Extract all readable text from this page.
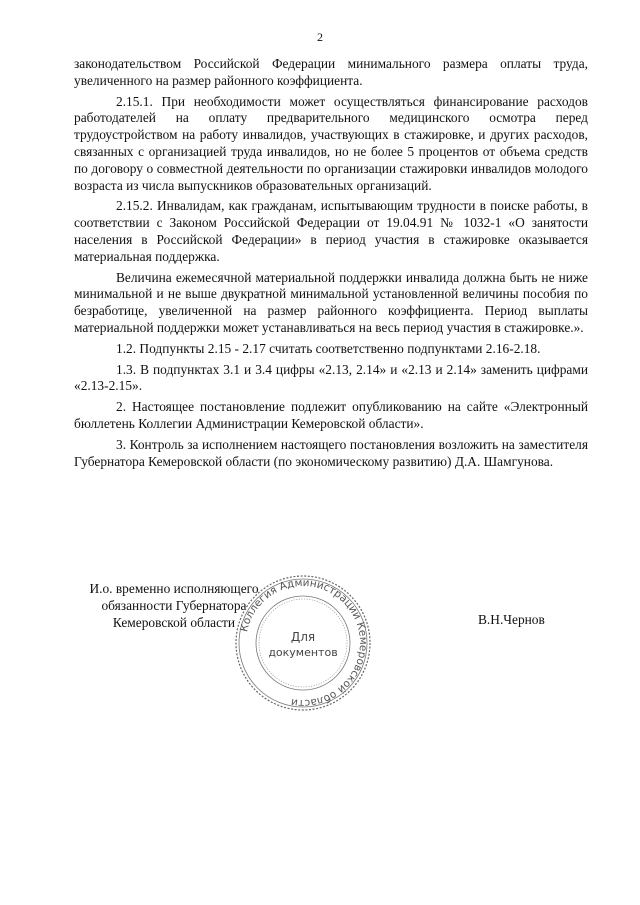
2

законодательством Российской Федерации минимального размера оплаты труда, увеличенного на размер районного коэффициента.

2.15.1. При необходимости может осуществляться финансирование расходов работодателей на оплату предварительного медицинского осмотра перед трудоустройством на работу инвалидов, участвующих в стажировке, и других расходов, связанных с организацией труда инвалидов, но не более 5 процентов от объема средств по договору о совместной деятельности по организации стажировки инвалидов молодого возраста из числа выпускников образовательных организаций.

2.15.2. Инвалидам, как гражданам, испытывающим трудности в поиске работы, в соответствии с Законом Российской Федерации от 19.04.91 № 1032-1 «О занятости населения в Российской Федерации» в период участия в стажировке оказывается материальная поддержка.

Величина ежемесячной материальной поддержки инвалида должна быть не ниже минимальной и не выше двукратной минимальной установленной величины пособия по безработице, увеличенной на размер районного коэффициента. Период выплаты материальной поддержки может устанавливаться на весь период участия в стажировке.».

1.2. Подпункты 2.15 - 2.17 считать соответственно подпунктами 2.16-2.18.

1.3. В подпунктах 3.1 и 3.4 цифры «2.13, 2.14» и «2.13 и 2.14» заменить цифрами «2.13-2.15».

2. Настоящее постановление подлежит опубликованию на сайте «Электронный бюллетень Коллегии Администрации Кемеровской области».

3. Контроль за исполнением настоящего постановления возложить на заместителя Губернатора Кемеровской области (по экономическому развитию) Д.А. Шамгунова.

И.о. временно исполняющего
обязанности Губернатора
Кемеровской области	В.Н.Чернов
Коллегия Администрации Кемеровской области
Для
документов
